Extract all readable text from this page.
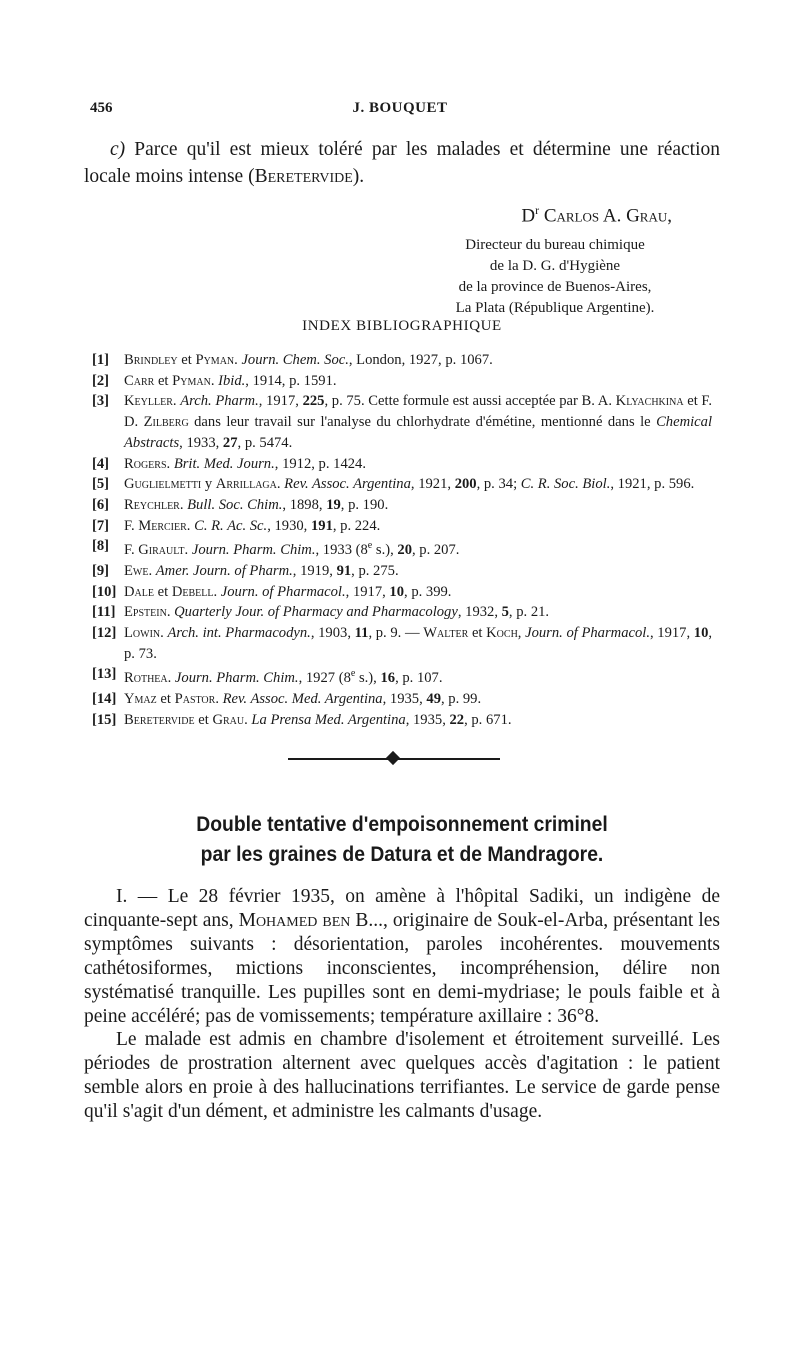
456	J. BOUQUET

c) Parce qu'il est mieux toléré par les malades et détermine une réaction locale moins intense (Beretervide).

$D^r$ Carlos A. Grau,
Directeur du bureau chimique
de la D. G. d'Hygiène
de la province de Buenos-Aires,
La Plata (République Argentine).
INDEX BIBLIOGRAPHIQUE
[1] Brindley et Pyman. Journ. Chem. Soc., London, 1927, p. 1067.
[2] Carr et Pyman. Ibid., 1914, p. 1591.
[3] Keyller. Arch. Pharm., 1917, 225, p. 75. Cette formule est aussi acceptée par B. A. Klyachkina et F. D. Zilberg dans leur travail sur l'analyse du chlorhydrate d'émétine, mentionné dans le Chemical Abstracts, 1933, 27, p. 5474.
[4] Rogers. Brit. Med. Journ., 1912, p. 1424.
[5] Guglielmetti y Arrillaga. Rev. Assoc. Argentina, 1921, 200, p. 34; C. R. Soc. Biol., 1921, p. 596.
[6] Reychler. Bull. Soc. Chim., 1898, 19, p. 190.
[7] F. Mercier. C. R. Ac. Sc., 1930, 191, p. 224.
[8] F. Girault. Journ. Pharm. Chim., 1933 (8e s.), 20, p. 207.
[9] Ewe. Amer. Journ. of Pharm., 1919, 91, p. 275.
[10] Dale et Debell. Journ. of Pharmacol., 1917, 10, p. 399.
[11] Epstein. Quarterly Jour. of Pharmacy and Pharmacology, 1932, 5, p. 21.
[12] Lowin. Arch. int. Pharmacodyn., 1903, 11, p. 9. — Walter et Koch, Journ. of Pharmacol., 1917, 10, p. 73.
[13] Rothea. Journ. Pharm. Chim., 1927 (8e s.), 16, p. 107.
[14] Ymaz et Pastor. Rev. Assoc. Med. Argentina, 1935, 49, p. 99.
[15] Beretervide et Grau. La Prensa Med. Argentina, 1935, 22, p. 671.
Double tentative d'empoisonnement criminel
par les graines de Datura et de Mandragore.

I. — Le 28 février 1935, on amène à l'hôpital Sadiki, un indigène de cinquante-sept ans, Mohamed ben B..., originaire de Souk-el-Arba, présentant les symptômes suivants : désorientation, paroles incohérentes. mouvements cathétosiformes, mictions inconscientes, incompréhension, délire non systématisé tranquille. Les pupilles sont en demi-mydriase; le pouls faible et à peine accéléré; pas de vomissements; température axillaire : 36°8.

Le malade est admis en chambre d'isolement et étroitement surveillé. Les périodes de prostration alternent avec quelques accès d'agitation : le patient semble alors en proie à des hallucinations terrifiantes. Le service de garde pense qu'il s'agit d'un dément, et administre les calmants d'usage.
